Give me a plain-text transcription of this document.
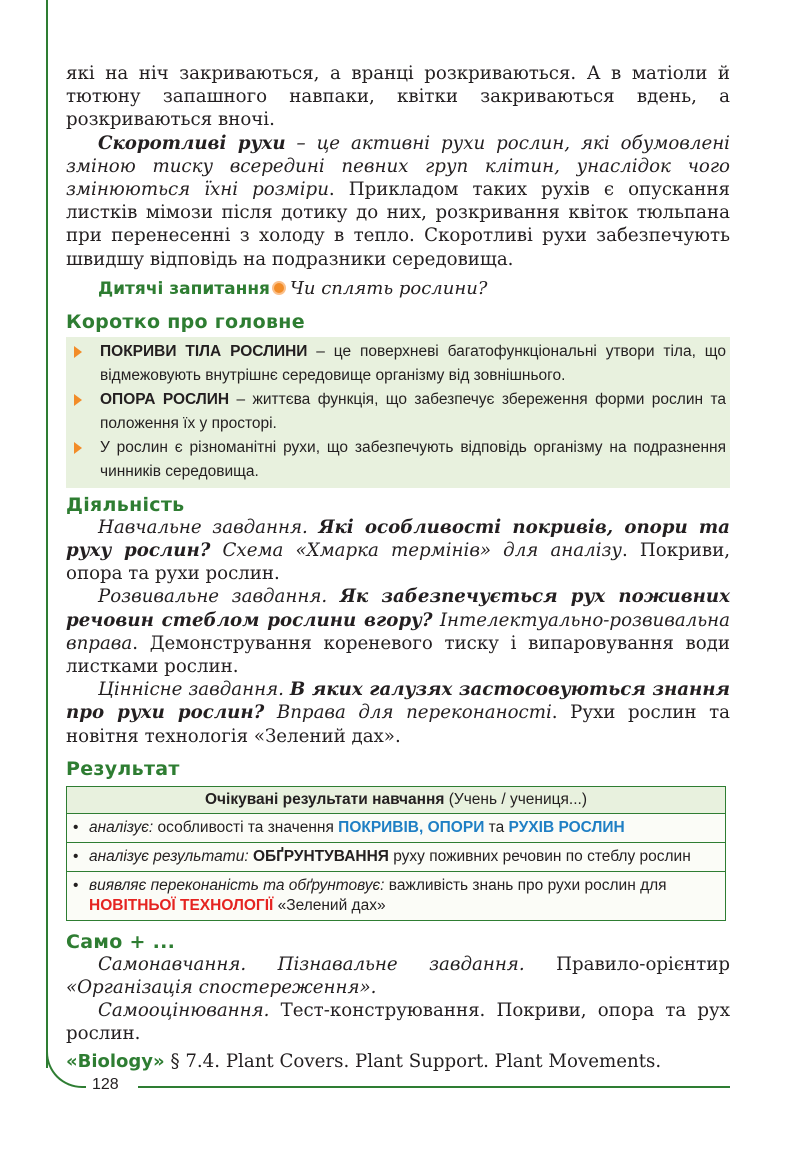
128

які на ніч закриваються, а вранці розкриваються. А в матіоли й тютюну запашного навпаки, квітки закриваються вдень, а розкриваються вночі.

Скоротливі рухи – це активні рухи рослин, які обумовлені зміною тиску всередині певних груп клітин, унаслідок чого змінюються їхні розміри. Прикладом таких рухів є опускання листків мімози після дотику до них, розкривання квіток тюльпана при перенесенні з холоду в тепло. Скоротливі рухи забезпечують швидшу відповідь на подразники середовища.

Дитячі запитання Чи сплять рослини?
Коротко про головне
ПОКРИВИ ТІЛА РОСЛИНИ – це поверхневі багатофункціональні утвори тіла, що відмежовують внутрішнє середовище організму від зовнішнього.
ОПОРА РОСЛИН – життєва функція, що забезпечує збереження форми рослин та положення їх у просторі.
У рослин є різноманітні рухи, що забезпечують відповідь організму на подразнення чинників середовища.
Діяльність

Навчальне завдання. Які особливості покривів, опори та руху рослин? Схема «Хмарка термінів» для аналізу. Покриви, опора та рухи рослин.

Розвивальне завдання. Як забезпечується рух поживних речовин стеблом рослини вгору? Інтелектуально-розвивальна вправа. Демонстрування кореневого тиску і випаровування води листками рослин.

Ціннісне завдання. В яких галузях застосовуються знання про рухи рослин? Вправа для переконаності. Рухи рослин та новітня технологія «Зелений дах».

Результат
Очікувані результати навчання (Учень / учениця...)

• аналізує: особливості та значення ПОКРИВІВ, ОПОРИ та РУХІВ РОСЛИН

• аналізує результати: ОБҐРУНТУВАННЯ руху поживних речовин по стеблу рослин

• виявляє переконаність та обґрунтовує: важливість знань про рухи рослин для
НОВІТНЬОЇ ТЕХНОЛОГІЇ «Зелений дах»
Само + ...

Самонавчання. Пізнавальне завдання. Правило-орієнтир

«Організація спостереження».

Самооцінювання. Тест-конструювання. Покриви, опора та рух рослин.

«Biology» § 7.4. Plant Covers. Plant Support. Plant Movements.
